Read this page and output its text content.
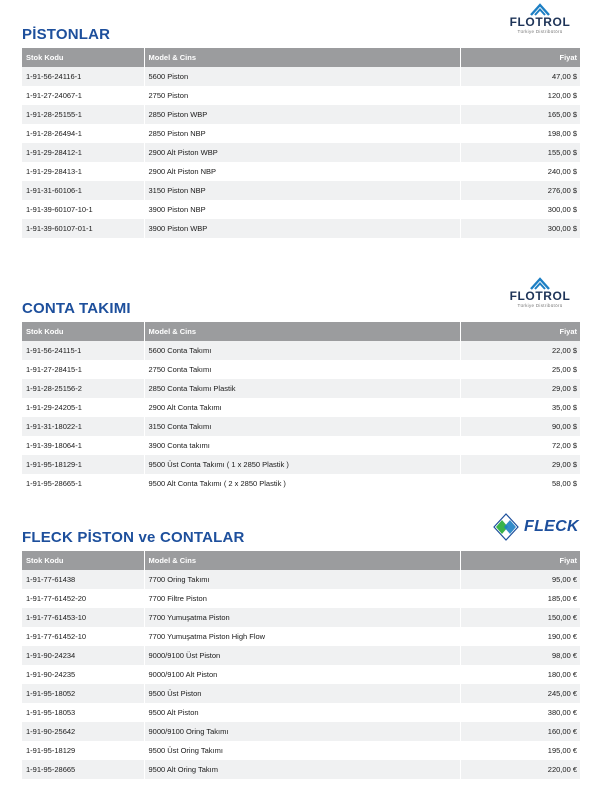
PİSTONLAR
FLOTROL
Türkiye Distribütörü
Stok Kodu	Model & Cins	Fiyat
1-91-56-24116-1	5600 Piston	47,00 $
1-91-27-24067-1	2750 Piston	120,00 $
1-91-28-25155-1	2850 Piston WBP	165,00 $
1-91-28-26494-1	2850 Piston NBP	198,00 $
1-91-29-28412-1	2900 Alt Piston WBP	155,00 $
1-91-29-28413-1	2900 Alt Piston NBP	240,00 $
1-91-31-60106-1	3150 Piston NBP	276,00 $
1-91-39-60107-10-1	3900 Piston NBP	300,00 $
1-91-39-60107-01-1	3900 Piston WBP	300,00 $

CONTA TAKIMI
FLOTROL
Türkiye Distribütörü
Stok Kodu	Model & Cins	Fiyat
1-91-56-24115-1	5600 Conta Takımı	22,00 $
1-91-27-28415-1	2750 Conta Takımı	25,00 $
1-91-28-25156-2	2850 Conta Takımı Plastik	29,00 $
1-91-29-24205-1	2900 Alt Conta Takımı	35,00 $
1-91-31-18022-1	3150 Conta Takımı	90,00 $
1-91-39-18064-1	3900 Conta takımı	72,00 $
1-91-95-18129-1	9500 Üst Conta Takımı ( 1 x 2850 Plastik )	29,00 $
1-91-95-28665-1	9500 Alt Conta Takımı ( 2 x 2850 Plastik )	58,00 $
FLECK PİSTON ve CONTALAR
FLECK
Stok Kodu	Model & Cins	Fiyat
1-91-77-61438	7700 Oring Takımı	95,00 €
1-91-77-61452-20	7700 Filtre Piston	185,00 €
1-91-77-61453-10	7700 Yumuşatma Piston	150,00 €
1-91-77-61452-10	7700 Yumuşatma Piston High Flow	190,00 €
1-91-90-24234	9000/9100 Üst Piston	98,00 €
1-91-90-24235	9000/9100 Alt Piston	180,00 €
1-91-95-18052	9500 Üst Piston	245,00 €
1-91-95-18053	9500 Alt Piston	380,00 €
1-91-90-25642	9000/9100 Oring Takımı	160,00 €
1-91-95-18129	9500 Üst Oring Takımı	195,00 €
1-91-95-28665	9500 Alt Oring Takım	220,00 €
